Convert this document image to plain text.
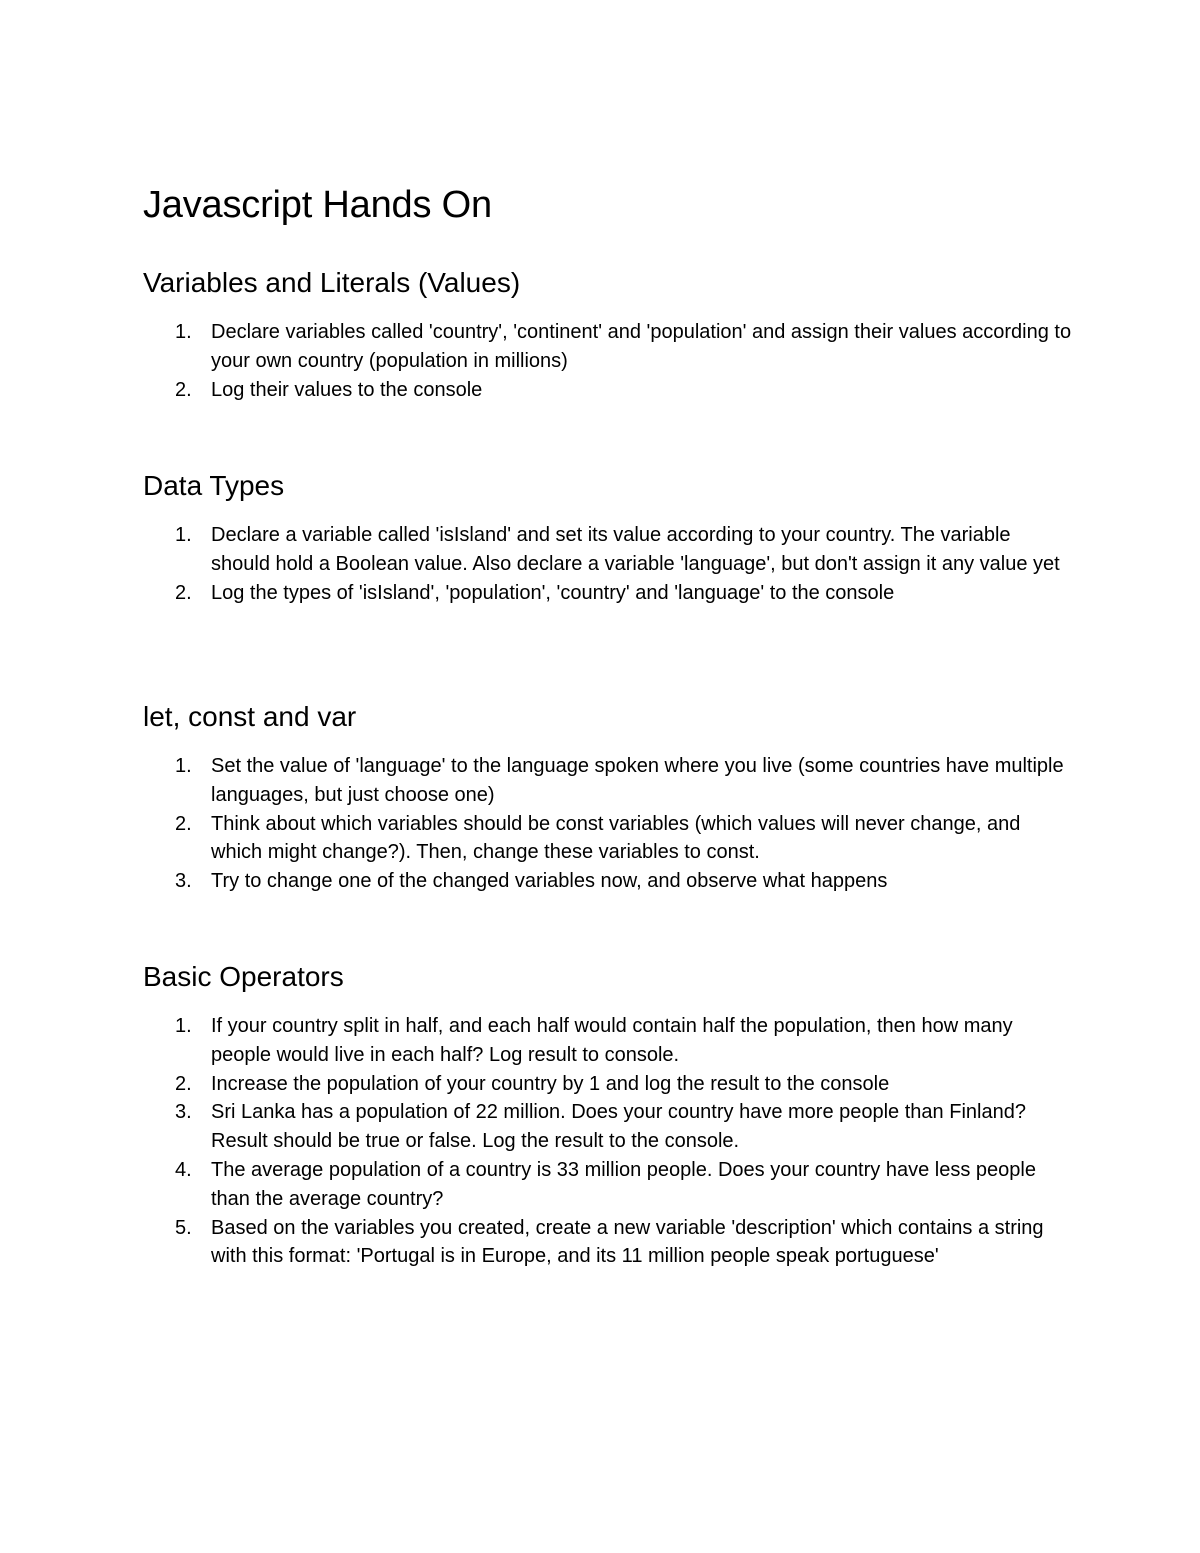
Javascript Hands On
Variables and Literals (Values)
1. Declare variables called 'country', 'continent' and 'population' and assign their values according to your own country (population in millions)
2. Log their values to the console
Data Types
1. Declare a variable called 'isIsland' and set its value according to your country. The variable should hold a Boolean value. Also declare a variable 'language', but don't assign it any value yet
2. Log the types of 'isIsland', 'population', 'country' and 'language' to the console
let, const and var
1. Set the value of 'language' to the language spoken where you live (some countries have multiple languages, but just choose one)
2. Think about which variables should be const variables (which values will never change, and which might change?). Then, change these variables to const.
3. Try to change one of the changed variables now, and observe what happens
Basic Operators
1. If your country split in half, and each half would contain half the population, then how many people would live in each half? Log result to console.
2. Increase the population of your country by 1 and log the result to the console
3. Sri Lanka has a population of 22 million. Does your country have more people than Finland? Result should be true or false. Log the result to the console.
4. The average population of a country is 33 million people. Does your country have less people than the average country?
5. Based on the variables you created, create a new variable 'description' which contains a string with this format: 'Portugal is in Europe, and its 11 million people speak portuguese'
